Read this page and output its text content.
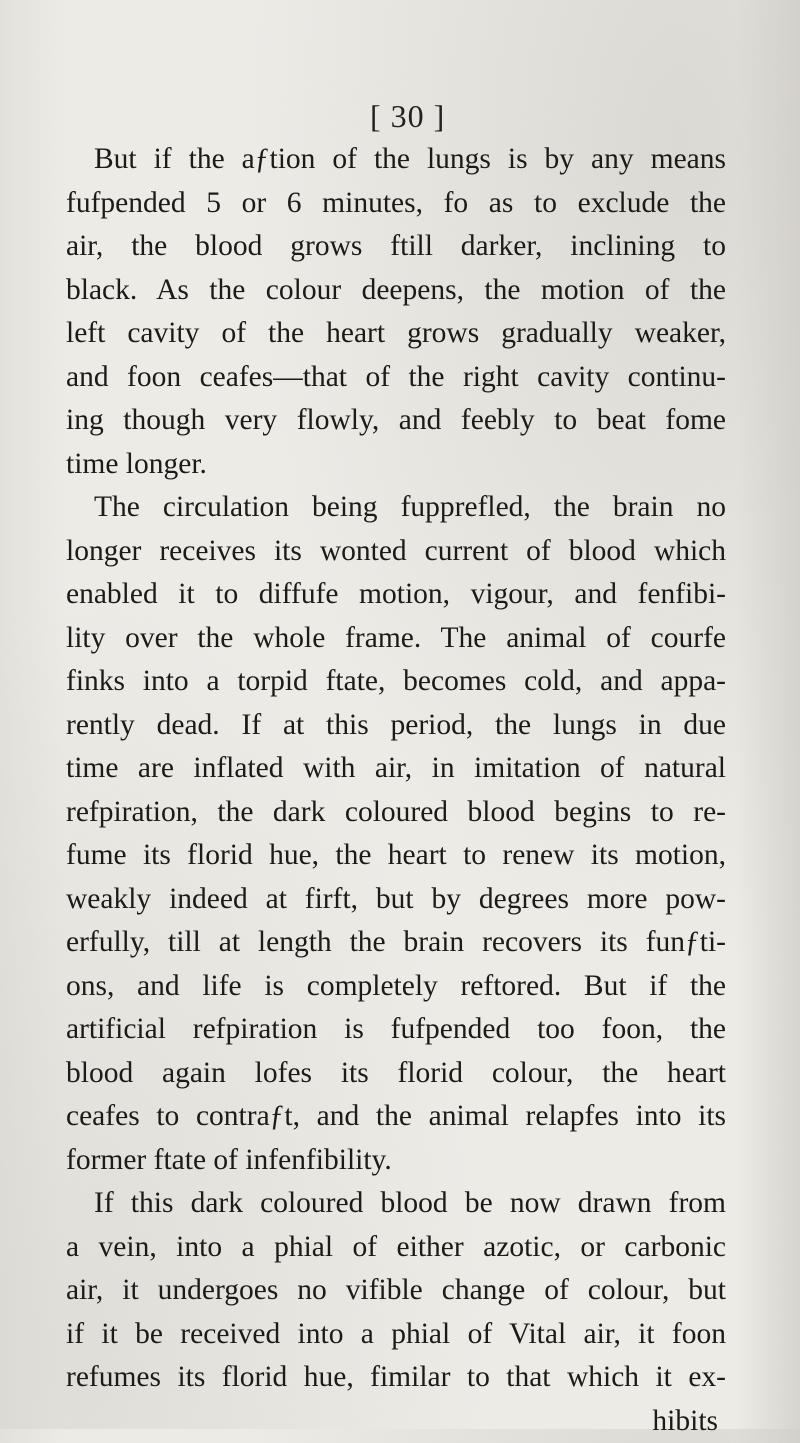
[ 30 ]
But if the aƒtion of the lungs is by any means
fufpended 5 or 6 minutes, fo as to exclude the
air, the blood grows ftill darker, inclining to
black. As the colour deepens, the motion of the
left cavity of the heart grows gradually weaker,
and foon ceafes—that of the right cavity continu-
ing though very flowly, and feebly to beat fome
time longer.
The circulation being fupprefled, the brain no
longer receives its wonted current of blood which
enabled it to diffufe motion, vigour, and fenfibi-
lity over the whole frame. The animal of courfe
finks into a torpid ftate, becomes cold, and appa-
rently dead. If at this period, the lungs in due
time are inflated with air, in imitation of natural
refpiration, the dark coloured blood begins to re-
fume its florid hue, the heart to renew its motion,
weakly indeed at firft, but by degrees more pow-
erfully, till at length the brain recovers its funƒti-
ons, and life is completely reftored. But if the
artificial refpiration is fufpended too foon, the
blood again lofes its florid colour, the heart
ceafes to contraƒt, and the animal relapfes into its
former ftate of infenfibility.
If this dark coloured blood be now drawn from
a vein, into a phial of either azotic, or carbonic
air, it undergoes no vifible change of colour, but
if it be received into a phial of Vital air, it foon
refumes its florid hue, fimilar to that which it ex-
hibits
